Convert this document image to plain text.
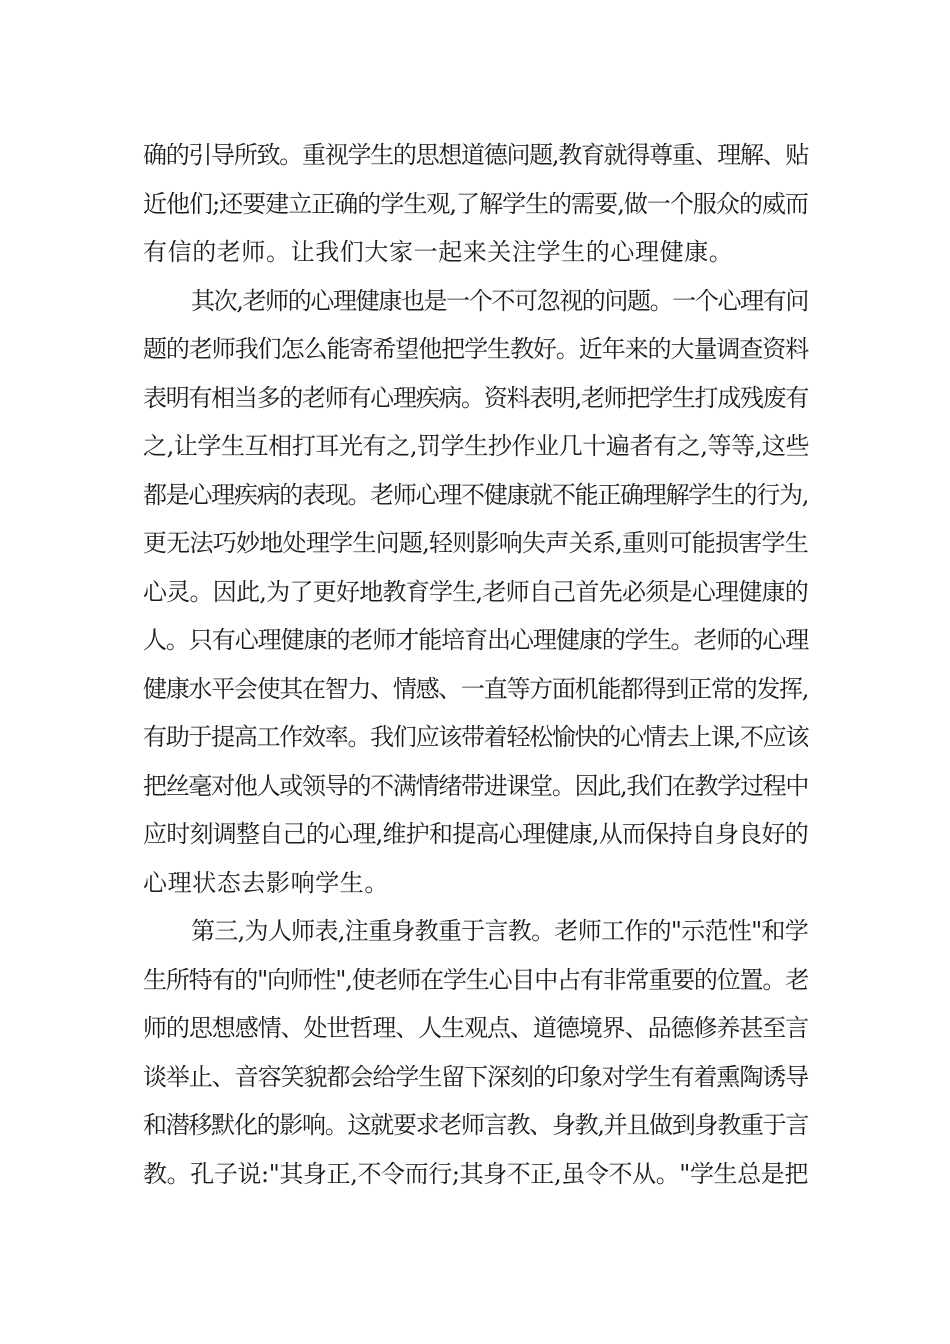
确的引导所致。重视学生的思想道德问题,教育就得尊重、理解、贴
近他们;还要建立正确的学生观,了解学生的需要,做一个服众的威而
有信的老师。让我们大家一起来关注学生的心理健康。
其次,老师的心理健康也是一个不可忽视的问题。一个心理有问
题的老师我们怎么能寄希望他把学生教好。近年来的大量调查资料
表明有相当多的老师有心理疾病。资料表明,老师把学生打成残废有
之,让学生互相打耳光有之,罚学生抄作业几十遍者有之,等等,这些
都是心理疾病的表现。老师心理不健康就不能正确理解学生的行为,
更无法巧妙地处理学生问题,轻则影响失声关系,重则可能损害学生
心灵。因此,为了更好地教育学生,老师自己首先必须是心理健康的
人。只有心理健康的老师才能培育出心理健康的学生。老师的心理
健康水平会使其在智力、情感、一直等方面机能都得到正常的发挥,
有助于提高工作效率。我们应该带着轻松愉快的心情去上课,不应该
把丝毫对他人或领导的不满情绪带进课堂。因此,我们在教学过程中
应时刻调整自己的心理,维护和提高心理健康,从而保持自身良好的
心理状态去影响学生。
第三,为人师表,注重身教重于言教。老师工作的"示范性"和学
生所特有的"向师性",使老师在学生心目中占有非常重要的位置。老
师的思想感情、处世哲理、人生观点、道德境界、品德修养甚至言
谈举止、音容笑貌都会给学生留下深刻的印象对学生有着熏陶诱导
和潜移默化的影响。这就要求老师言教、身教,并且做到身教重于言
教。孔子说:"其身正,不令而行;其身不正,虽令不从。"学生总是把
